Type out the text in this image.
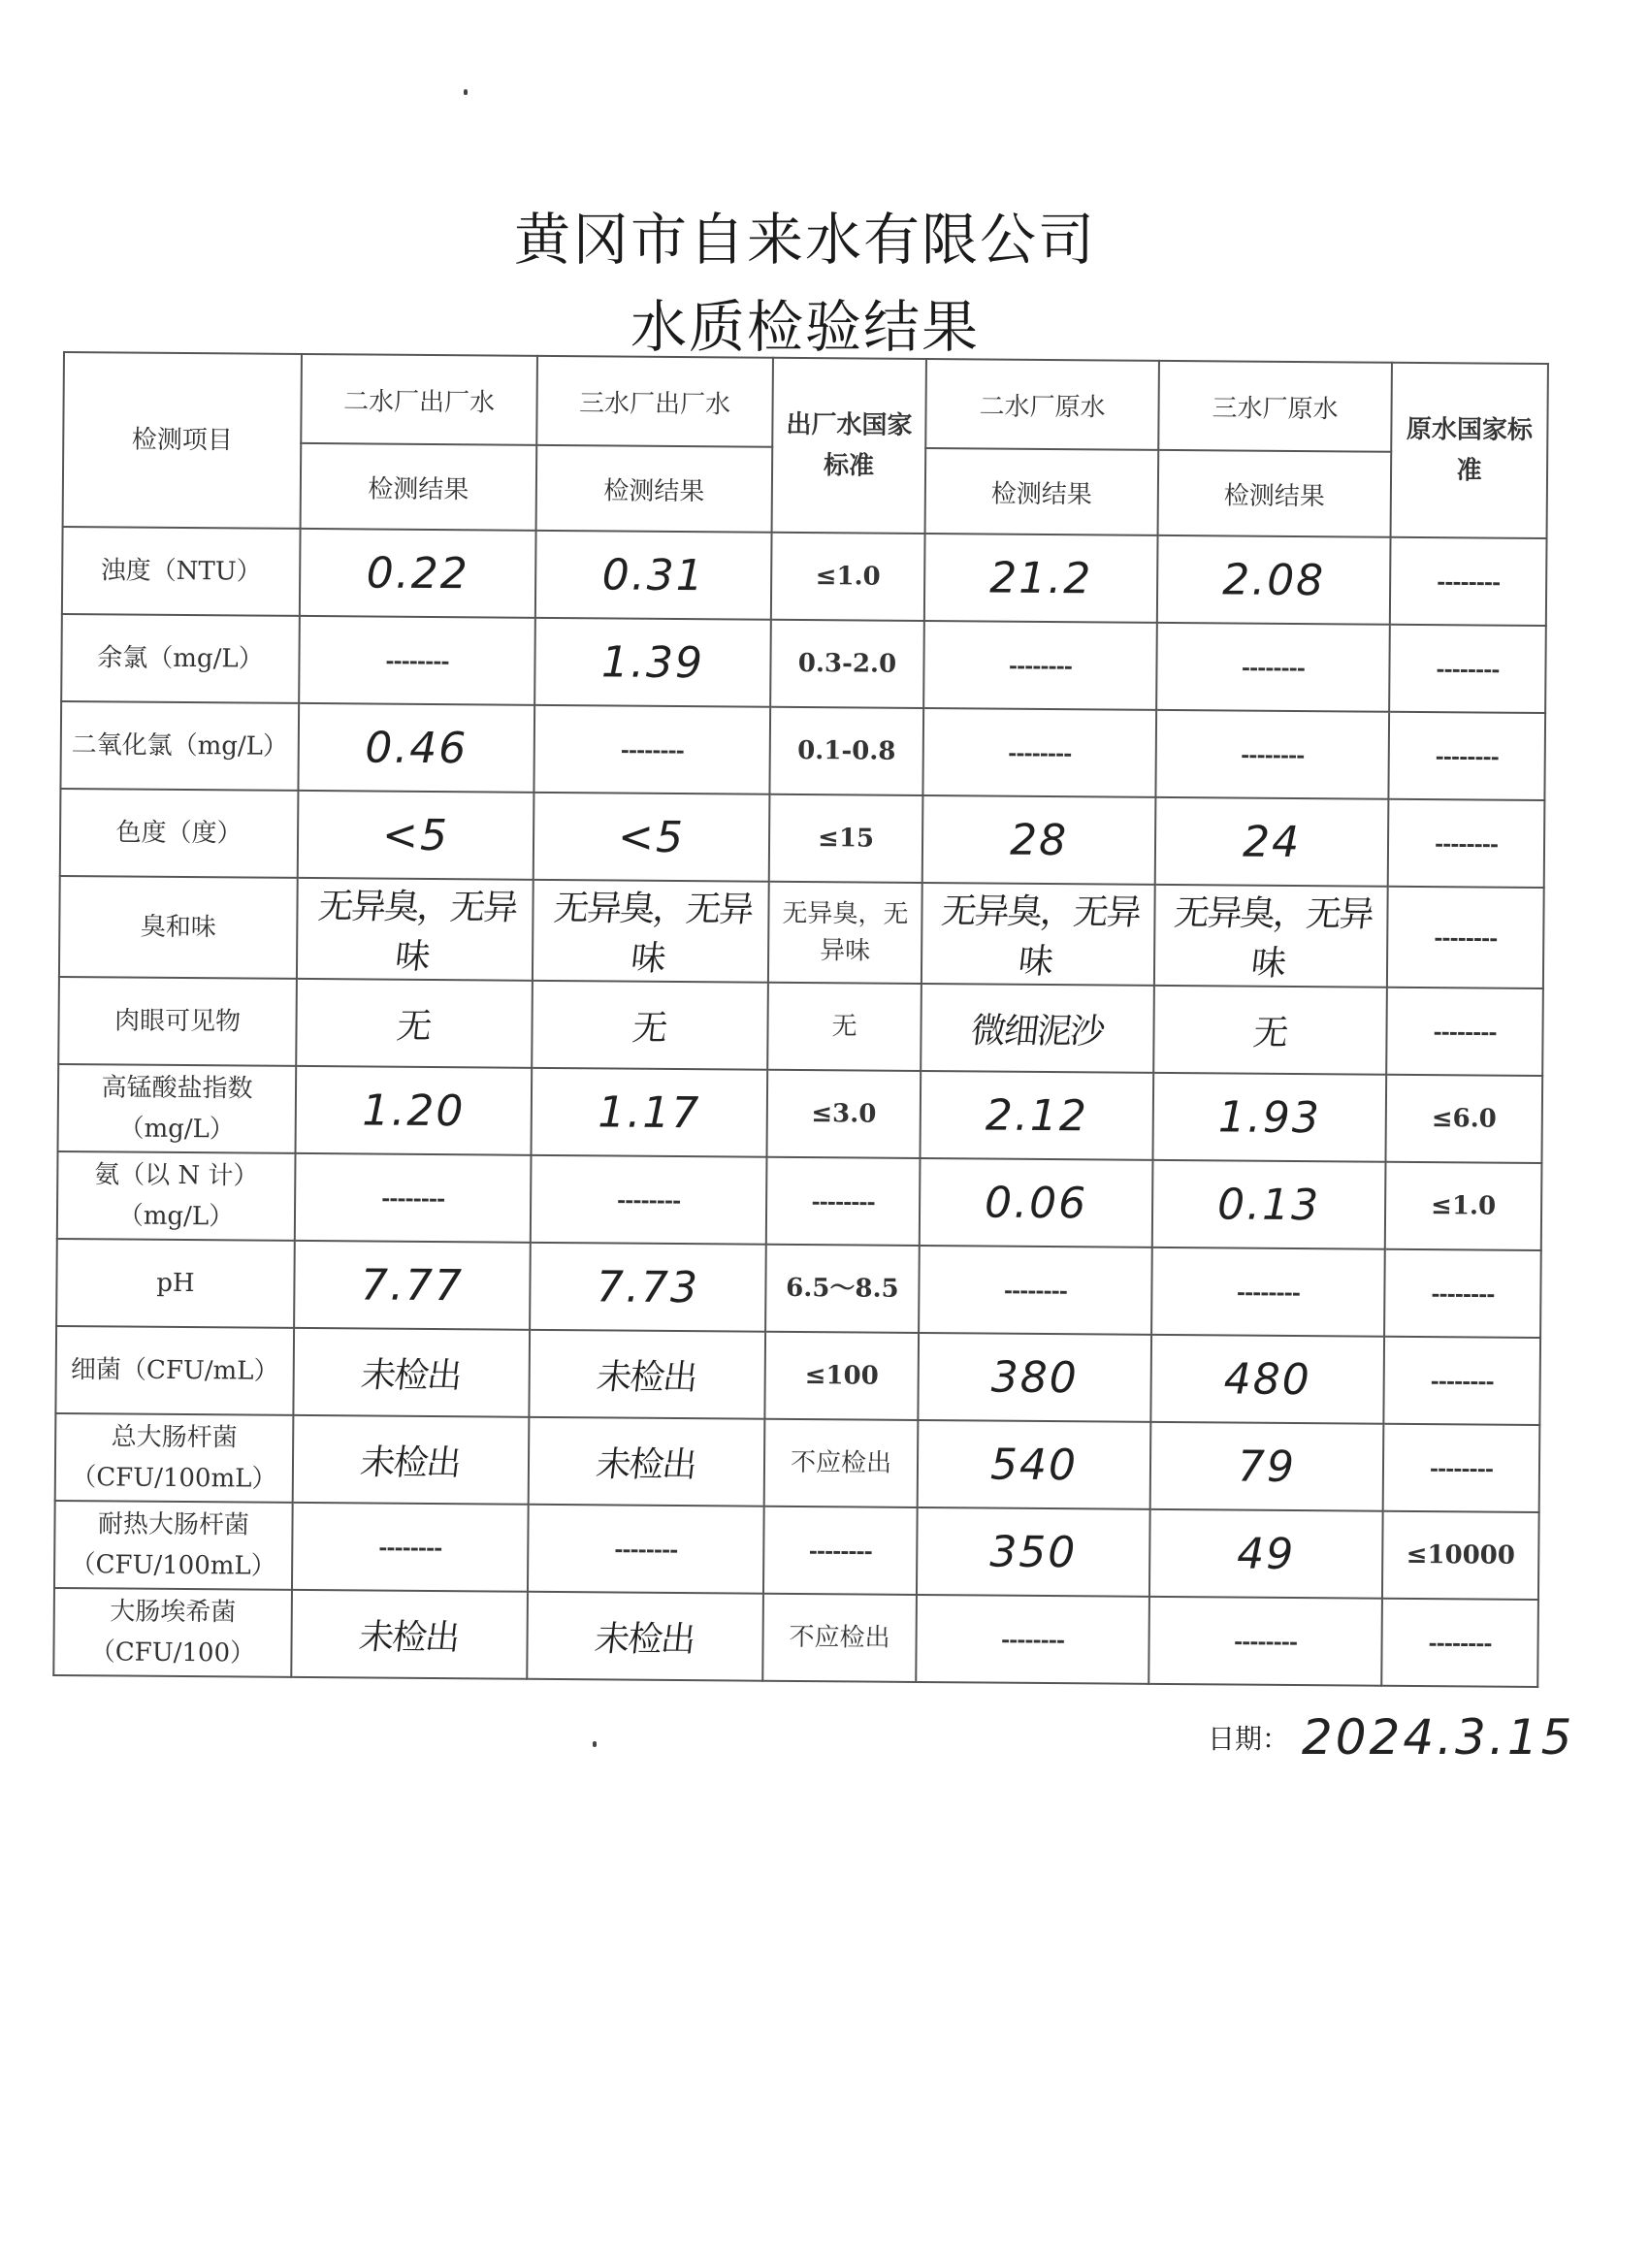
黄冈市自来水有限公司
水质检验结果
检测项目	二水厂出厂水	三水厂出厂水	出厂水国家标准	二水厂原水	三水厂原水	原水国家标准
	检测结果	检测结果		检测结果	检测结果	
浊度（NTU）	0.22	0.31	≤1.0	21.2	2.08	--------
余氯（mg/L）	--------	1.39	0.3-2.0	--------	--------	--------
二氧化氯（mg/L）	0.46	--------	0.1-0.8	--------	--------	--------
色度（度）	<5	<5	≤15	28	24	--------
臭和味	无异臭，无异味	无异臭，无异味	无异臭，无异味	无异臭，无异味	无异臭，无异味	--------
肉眼可见物	无	无	无	微细泥沙	无	--------
高锰酸盐指数（mg/L）	1.20	1.17	≤3.0	2.12	1.93	≤6.0
氨（以 N 计）（mg/L）	--------	--------	--------	0.06	0.13	≤1.0
pH	7.77	7.73	6.5～8.5	--------	--------	--------
细菌（CFU/mL）	未检出	未检出	≤100	380	480	--------
总大肠杆菌（CFU/100mL）	未检出	未检出	不应检出	540	79	--------
耐热大肠杆菌（CFU/100mL）	--------	--------	--------	350	49	≤10000
大肠埃希菌（CFU/100）	未检出	未检出	不应检出	--------	--------	--------
日期： 2024.3.15
